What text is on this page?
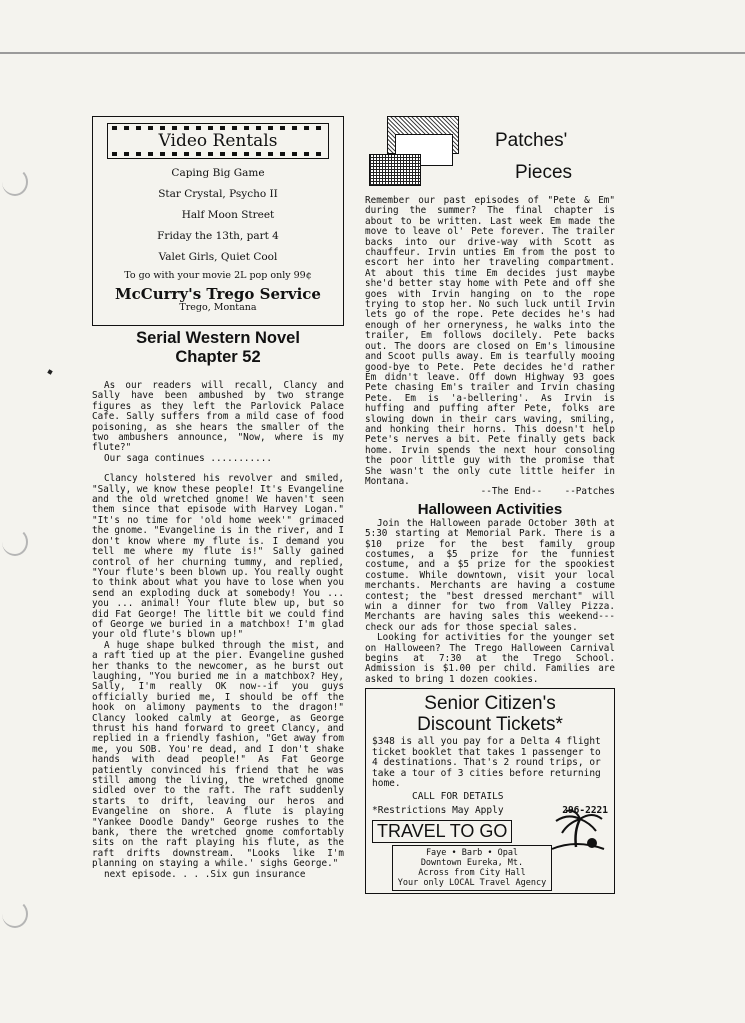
Video Rentals
Caping Big Game
Star Crystal, Psycho II
Half Moon Street
Friday the 13th, part 4
Valet Girls, Quiet Cool
To go with your movie 2L pop only 99¢
McCurry's Trego Service
Trego, Montana
Serial Western Novel
Chapter 52

As our readers will recall, Clancy and Sally have been ambushed by two strange figures as they left the Parlovick Palace Cafe. Sally suffers from a mild case of food poisoning, as she hears the smaller of the two ambushers announce, "Now, where is my flute?"

Our saga continues ...........

Clancy holstered his revolver and smiled, "Sally, we know these people! It's Evangeline and the old wretched gnome! We haven't seen them since that episode with Harvey Logan." "It's no time for 'old home week'" grimaced the gnome. "Evangeline is in the river, and I don't know where my flute is. I demand you tell me where my flute is!" Sally gained control of her churning tummy, and replied, "Your flute's been blown up. You really ought to think about what you have to lose when you send an exploding duck at somebody! You ... you ... animal! Your flute blew up, but so did Fat George! The little bit we could find of George we buried in a matchbox! I'm glad your old flute's blown up!"

A huge shape bulked through the mist, and a raft tied up at the pier. Evangeline gushed her thanks to the newcomer, as he burst out laughing, "You buried me in a matchbox? Hey, Sally, I'm really OK now--if you guys officially buried me, I should be off the hook on alimony payments to the dragon!" Clancy looked calmly at George, as George thrust his hand forward to greet Clancy, and replied in a friendly fashion, "Get away from me, you SOB. You're dead, and I don't shake hands with dead people!" As Fat George patiently convinced his friend that he was still among the living, the wretched gnome sidled over to the raft. The raft suddenly starts to drift, leaving our heros and Evangeline on shore. A flute is playing "Yankee Doodle Dandy" George rushes to the bank, there the wretched gnome comfortably sits on the raft playing his flute, as the raft drifts downstream. "Looks like I'm planning on staying a while.' sighs George."

next episode. . . .Six gun insurance

Patches'
Pieces

Remember our past episodes of "Pete & Em" during the summer? The final chapter is about to be written. Last week Em made the move to leave ol' Pete forever. The trailer backs into our drive-way with Scott as chauffeur. Irvin unties Em from the post to escort her into her traveling compartment. At about this time Em decides just maybe she'd better stay home with Pete and off she goes with Irvin hanging on to the rope trying to stop her. No such luck until Irvin lets go of the rope. Pete decides he's had enough of her orneryness, he walks into the trailer, Em follows docilely. Pete backs out. The doors are closed on Em's limousine and Scoot pulls away. Em is tearfully mooing good-bye to Pete. Pete decides he'd rather Em didn't leave. Off down Highway 93 goes Pete chasing Em's trailer and Irvin chasing Pete. Em is 'a-bellering'. As Irvin is huffing and puffing after Pete, folks are slowing down in their cars waving, smiling, and honking their horns. This doesn't help Pete's nerves a bit. Pete finally gets back home. Irvin spends the next hour consoling the poor little guy with the promise that She wasn't the only cute little heifer in Montana.

--The End--    --Patches

Halloween Activities

Join the Halloween parade October 30th at 5:30 starting at Memorial Park. There is a $10 prize for the best family group costumes, a $5 prize for the funniest costume, and a $5 prize for the spookiest costume. While downtown, visit your local merchants. Merchants are having a costume contest; the "best dressed merchant" will win a dinner for two from Valley Pizza. Merchants are having sales this weekend---check our ads for those special sales.

Looking for activities for the younger set on Halloween? The Trego Halloween Carnival begins at 7:30 at the Trego School. Admission is $1.00 per child. Families are asked to bring 1 dozen cookies.

Senior Citizen's
Discount Tickets*
$348 is all you pay for a Delta 4 flight ticket booklet that takes 1 passenger to 4 destinations. That's 2 round trips, or take a tour of 3 cities before returning home.
CALL FOR DETAILS
*Restrictions May Apply	296-2221
TRAVEL TO GO
Faye • Barb • Opal
Downtown Eureka, Mt.
Across from City Hall
Your only LOCAL Travel Agency
